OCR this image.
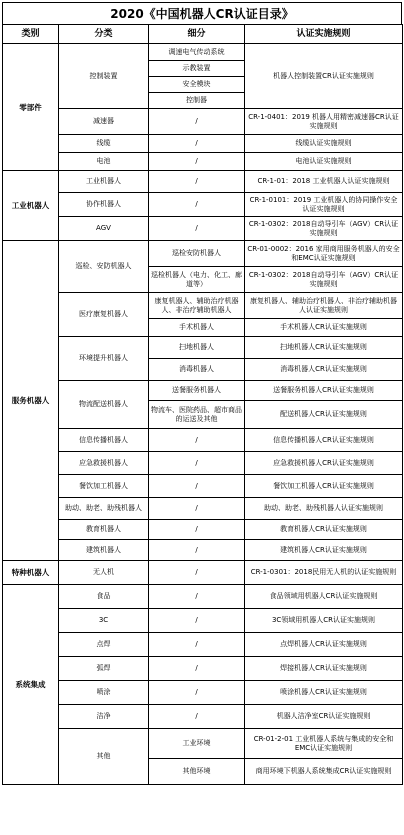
2020《中国机器人CR认证目录》
类别	分类	细分	认证实施规则
零部件	控制装置	调速电气传动系统	机器人控制装置CR认证实施规则
		示教装置	
		安全模块	
		控制器	
	减速器	/	CR-1-0401：2019 机器人用精密减速器CR认证实施规则
	线缆	/	线缆认证实施规则
	电池	/	电池认证实施规则
工业机器人	工业机器人	/	CR-1-01：2018 工业机器人认证实施规则
	协作机器人	/	CR-1-0101：2019 工业机器人的协同操作安全认证实施规则
	AGV	/	CR-1-0302：2018自动导引车（AGV）CR认证实施规则
服务机器人	巡检、安防机器人	巡检安防机器人	CR-01-0002：2016 家用商用服务机器人的安全和EMC认证实施规则
		巡检机器人（电力、化工、廊道等）	CR-1-0302：2018自动导引车（AGV）CR认证实施规则
	医疗康复机器人	康复机器人、辅助治疗机器人、非治疗辅助机器人	康复机器人、辅助治疗机器人、非治疗辅助机器人认证实施规则
		手术机器人	手术机器人CR认证实施规则
	环境提升机器人	扫地机器人	扫地机器人CR认证实施规则
		消毒机器人	消毒机器人CR认证实施规则
	物流配送机器人	送餐服务机器人	送餐服务机器人CR认证实施规则
		物流车、医院药品、超市商品的运送及其他	配送机器人CR认证实施规则
	信息传播机器人	/	信息传播机器人CR认证实施规则
	应急救援机器人	/	应急救援机器人CR认证实施规则
	餐饮加工机器人	/	餐饮加工机器人CR认证实施规则
	助动、助老、助残机器人	/	助动、助老、助残机器人认证实施规则
	教育机器人	/	教育机器人CR认证实施规则
	建筑机器人	/	建筑机器人CR认证实施规则
特种机器人	无人机	/	CR-1-0301：2018民用无人机的认证实施规则
系统集成	食品	/	食品领域用机器人CR认证实施规则
	3C	/	3C领域用机器人CR认证实施规则
	点焊	/	点焊机器人CR认证实施规则
	弧焊	/	焊接机器人CR认证实施规则
	喷涂	/	喷涂机器人CR认证实施规则
	洁净	/	机器人洁净室CR认证实施规则
	其他	工业环境	CR-01-2-01 工业机器人系统与集成的安全和EMC认证实施规则
		其他环境	商用环境下机器人系统集成CR认证实施规则
